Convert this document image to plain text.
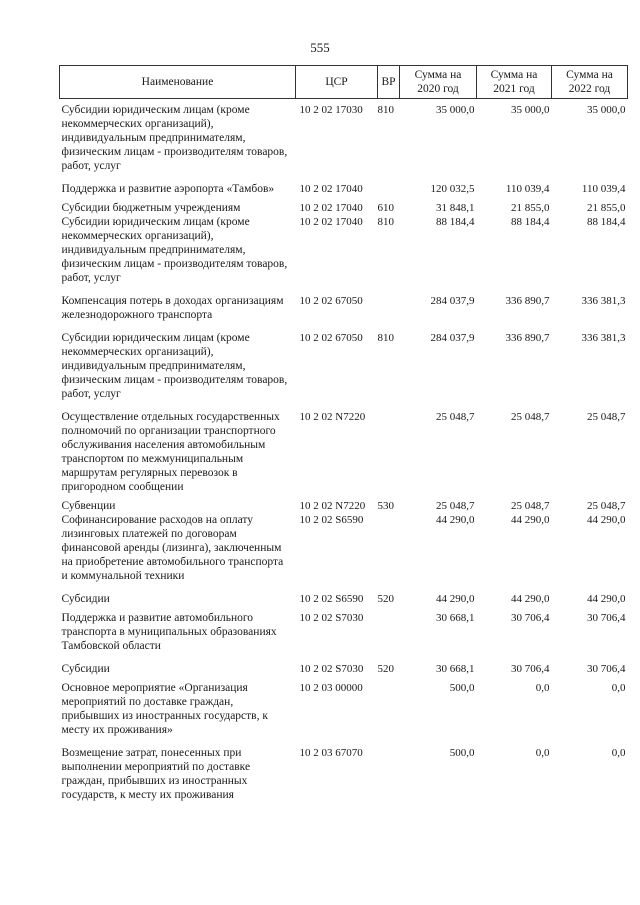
555
Наименование	ЦСР	ВР	Сумма на 2020 год	Сумма на 2021 год	Сумма на 2022 год
Субсидии юридическим лицам (кроме некоммерческих организаций), индивидуальным предпринимателям, физическим лицам - производителям товаров, работ, услуг	10 2 02 17030	810	35 000,0	35 000,0	35 000,0
Поддержка и развитие аэропорта «Тамбов»	10 2 02 17040		120 032,5	110 039,4	110 039,4
Субсидии бюджетным учреждениям	10 2 02 17040	610	31 848,1	21 855,0	21 855,0
Субсидии юридическим лицам (кроме некоммерческих организаций), индивидуальным предпринимателям, физическим лицам - производителям товаров, работ, услуг	10 2 02 17040	810	88 184,4	88 184,4	88 184,4
Компенсация потерь в доходах организациям железнодорожного транспорта	10 2 02 67050		284 037,9	336 890,7	336 381,3
Субсидии юридическим лицам (кроме некоммерческих организаций), индивидуальным предпринимателям, физическим лицам - производителям товаров, работ, услуг	10 2 02 67050	810	284 037,9	336 890,7	336 381,3
Осуществление отдельных государственных полномочий по организации транспортного обслуживания населения автомобильным транспортом по межмуниципальным маршрутам регулярных перевозок в пригородном сообщении	10 2 02 N7220		25 048,7	25 048,7	25 048,7
Субвенции	10 2 02 N7220	530	25 048,7	25 048,7	25 048,7
Софинансирование расходов на оплату лизинговых платежей по договорам финансовой аренды (лизинга), заключенным на приобретение автомобильного транспорта и коммунальной техники	10 2 02 S6590		44 290,0	44 290,0	44 290,0
Субсидии	10 2 02 S6590	520	44 290,0	44 290,0	44 290,0
Поддержка и развитие автомобильного транспорта в муниципальных образованиях Тамбовской области	10 2 02 S7030		30 668,1	30 706,4	30 706,4
Субсидии	10 2 02 S7030	520	30 668,1	30 706,4	30 706,4
Основное мероприятие «Организация мероприятий по доставке граждан, прибывших из иностранных государств, к месту их проживания»	10 2 03 00000		500,0	0,0	0,0
Возмещение затрат, понесенных при выполнении мероприятий по доставке граждан, прибывших из иностранных государств, к месту их проживания	10 2 03 67070		500,0	0,0	0,0
